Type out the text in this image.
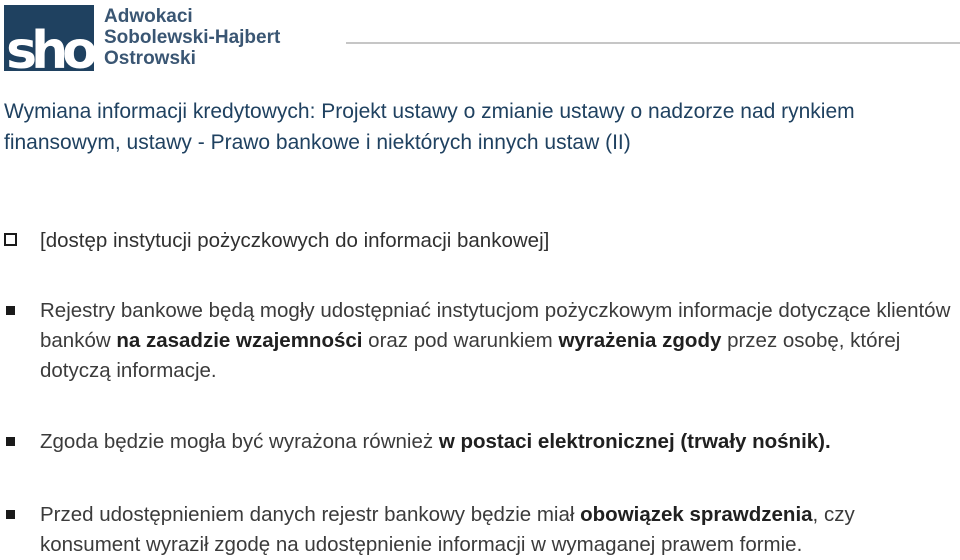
sho
Adwokaci
Sobolewski-Hajbert
Ostrowski
Wymiana informacji kredytowych: Projekt ustawy o zmianie ustawy o nadzorze nad rynkiem finansowym, ustawy - Prawo bankowe i niektórych innych ustaw (II)
[dostęp instytucji pożyczkowych do informacji bankowej]
Rejestry bankowe będą mogły udostępniać instytucjom pożyczkowym informacje dotyczące klientów banków na zasadzie wzajemności oraz pod warunkiem wyrażenia zgody przez osobę, której dotyczą informacje.
Zgoda będzie mogła być wyrażona również w postaci elektronicznej (trwały nośnik).
Przed udostępnieniem danych rejestr bankowy będzie miał obowiązek sprawdzenia, czy konsument wyraził zgodę na udostępnienie informacji w wymaganej prawem formie.
